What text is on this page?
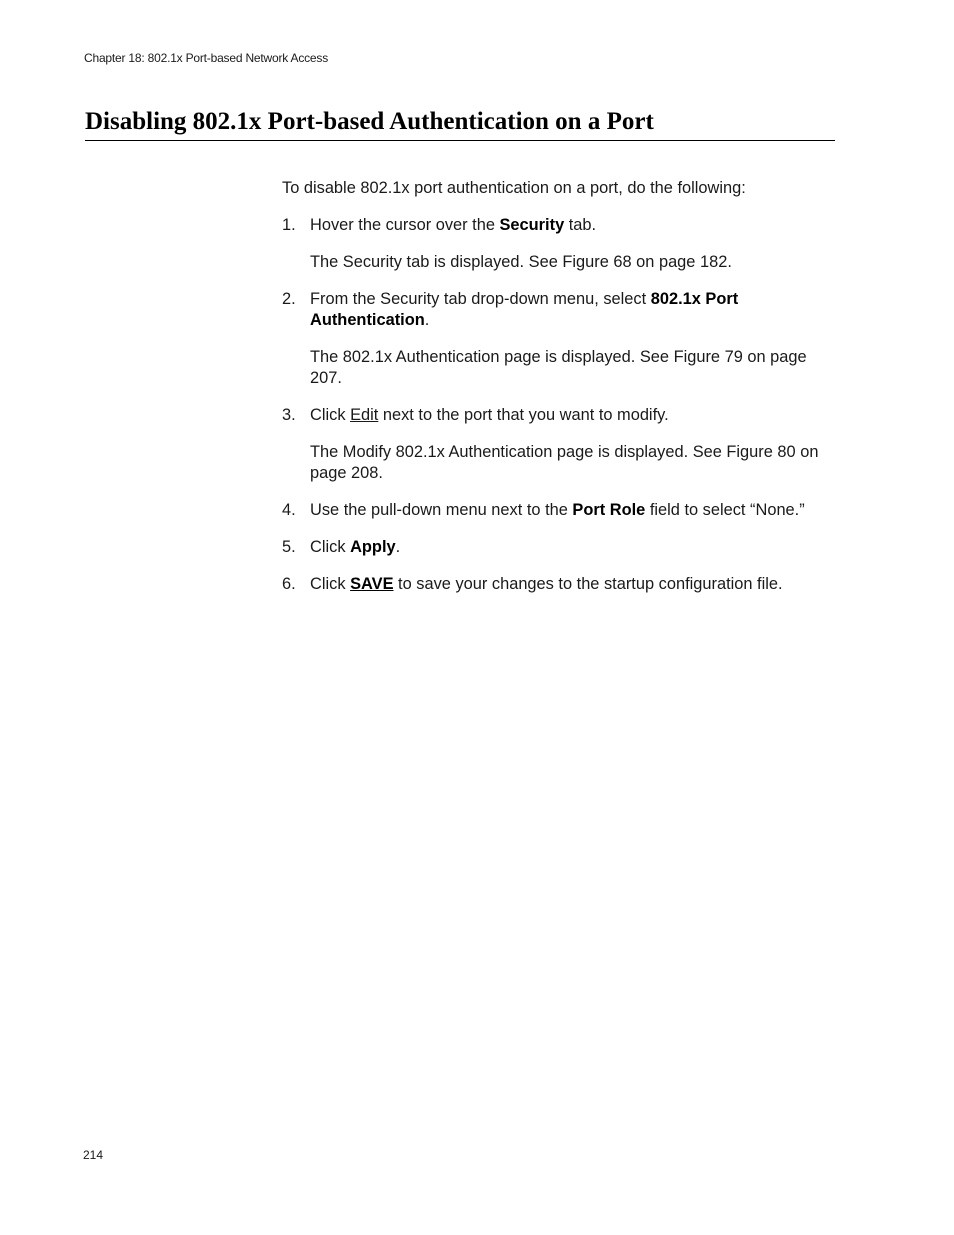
Chapter 18: 802.1x Port-based Network Access
Disabling 802.1x Port-based Authentication on a Port

To disable 802.1x port authentication on a port, do the following:

1. Hover the cursor over the Security tab.

The Security tab is displayed. See Figure 68 on page 182.

2. From the Security tab drop-down menu, select 802.1x Port Authentication.

The 802.1x Authentication page is displayed. See Figure 79 on page 207.

3. Click Edit next to the port that you want to modify.

The Modify 802.1x Authentication page is displayed. See Figure 80 on page 208.

4. Use the pull-down menu next to the Port Role field to select “None.”

5. Click Apply.

6. Click SAVE to save your changes to the startup configuration file.

214
